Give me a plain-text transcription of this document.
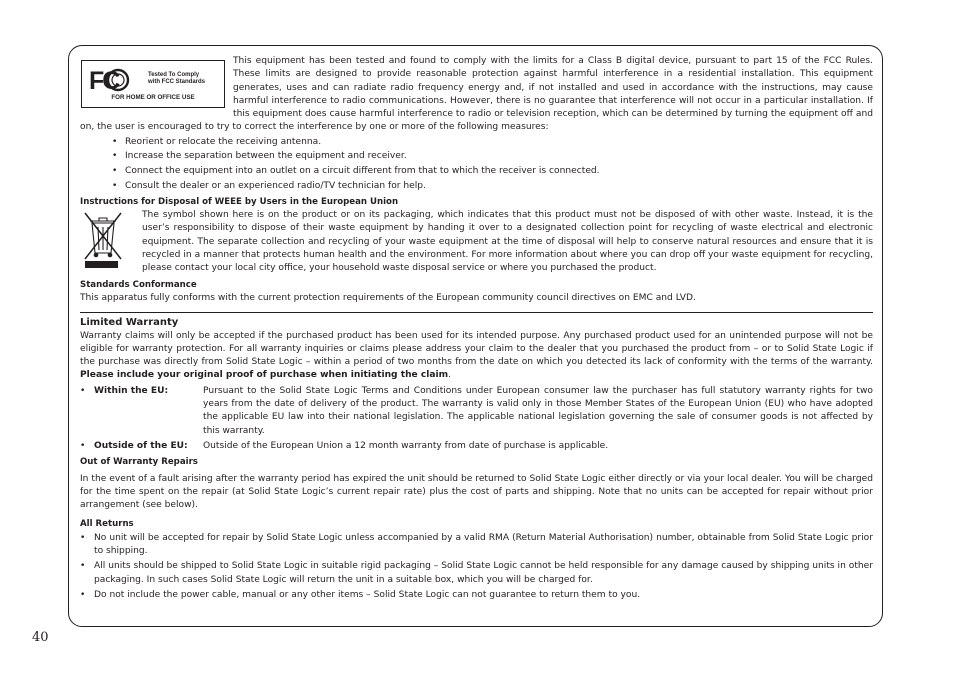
FC	Tested To Comply
with FCC Standards
FOR HOME OR OFFICE USE

This equipment has been tested and found to comply with the limits for a Class B digital device, pursuant to part 15 of the FCC Rules. These limits are designed to provide reasonable protection against harmful interference in a residential installation. This equipment generates, uses and can radiate radio frequency energy and, if not installed and used in accordance with the instructions, may cause harmful interference to radio communications. However, there is no guarantee that interference will not occur in a particular installation. If this equipment does cause harmful interference to radio or television reception, which can be determined by turning the equipment off and on, the user is encouraged to try to correct the interference by one or more of the following measures:

• Reorient or relocate the receiving antenna.
• Increase the separation between the equipment and receiver.
• Connect the equipment into an outlet on a circuit different from that to which the receiver is connected.
• Consult the dealer or an experienced radio/TV technician for help.
Instructions for Disposal of WEEE by Users in the European Union

The symbol shown here is on the product or on its packaging, which indicates that this product must not be disposed of with other waste. Instead, it is the user’s responsibility to dispose of their waste equipment by handing it over to a designated collection point for recycling of waste electrical and electronic equipment. The separate collection and recycling of your waste equipment at the time of disposal will help to conserve natural resources and ensure that it is recycled in a manner that protects human health and the environment. For more information about where you can drop off your waste equipment for recycling, please contact your local city office, your household waste disposal service or where you purchased the product.

Standards Conformance

This apparatus fully conforms with the current protection requirements of the European community council directives on EMC and LVD.

Limited Warranty

Warranty claims will only be accepted if the purchased product has been used for its intended purpose. Any purchased product used for an unintended purpose will not be eligible for warranty protection. For all warranty inquiries or claims please address your claim to the dealer that you purchased the product from – or to Solid State Logic if the purchase was directly from Solid State Logic – within a period of two months from the date on which you detected its lack of conformity with the terms of the warranty. Please include your original proof of purchase when initiating the claim.

• Within the EU:	Pursuant to the Solid State Logic Terms and Conditions under European consumer law the purchaser has full statutory warranty rights for two years from the date of delivery of the product. The warranty is valid only in those Member States of the European Union (EU) who have adopted the applicable EU law into their national legislation. The applicable national legislation governing the sale of consumer goods is not affected by this warranty.
• Outside of the EU:	Outside of the European Union a 12 month warranty from date of purchase is applicable.
Out of Warranty Repairs

In the event of a fault arising after the warranty period has expired the unit should be returned to Solid State Logic either directly or via your local dealer. You will be charged for the time spent on the repair (at Solid State Logic’s current repair rate) plus the cost of parts and shipping. Note that no units can be accepted for repair without prior arrangement (see below).

All Returns
• No unit will be accepted for repair by Solid State Logic unless accompanied by a valid RMA (Return Material Authorisation) number, obtainable from Solid State Logic prior to shipping.
• All units should be shipped to Solid State Logic in suitable rigid packaging – Solid State Logic cannot be held responsible for any damage caused by shipping units in other packaging. In such cases Solid State Logic will return the unit in a suitable box, which you will be charged for.
• Do not include the power cable, manual or any other items – Solid State Logic can not guarantee to return them to you.
40
